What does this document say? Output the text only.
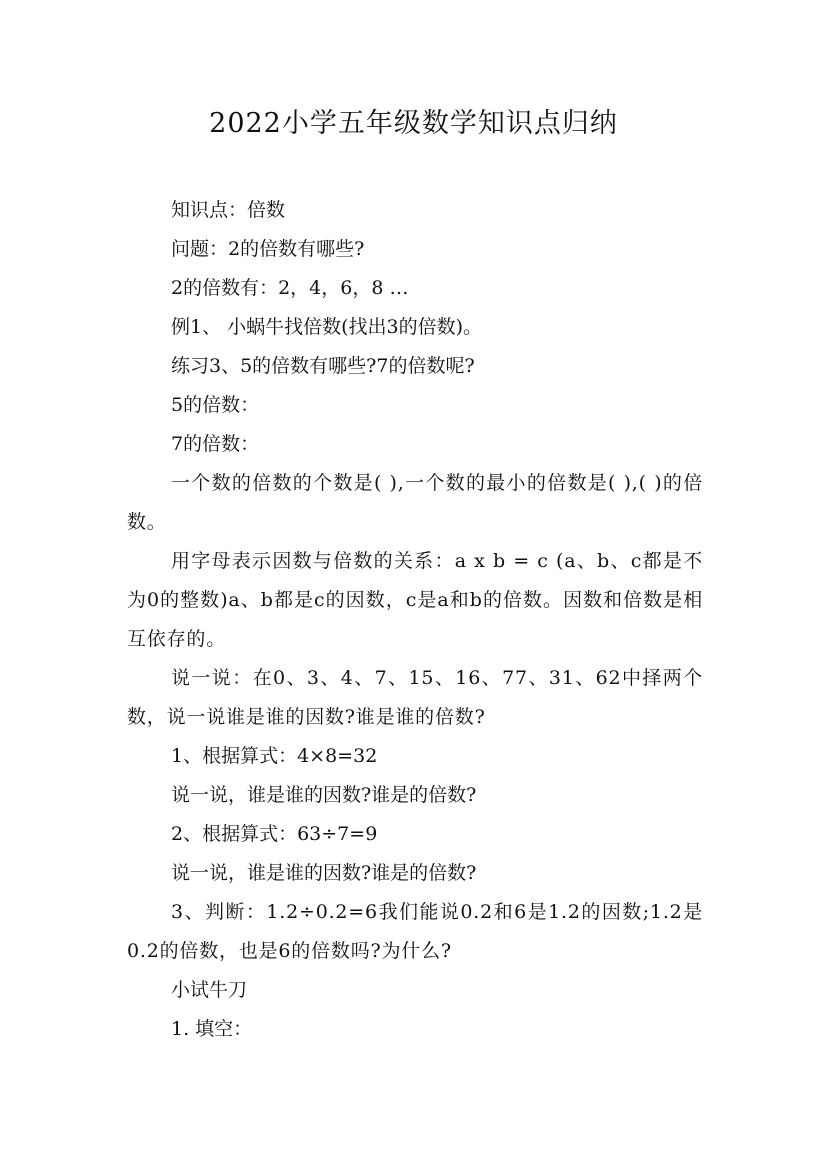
2022小学五年级数学知识点归纳

知识点：倍数

问题：2的倍数有哪些?

2的倍数有：2，4，6，8 …

例1、 小蜗牛找倍数(找出3的倍数)。

练习3、5的倍数有哪些?7的倍数呢?

5的倍数：

7的倍数：

一个数的倍数的个数是( ),一个数的最小的倍数是( ),( )的倍数。

用字母表示因数与倍数的关系：a x b = c (a、b、c都是不为0的整数)a、b都是c的因数，c是a和b的倍数。因数和倍数是相互依存的。

说一说：在0、3、4、7、15、16、77、31、62中择两个数，说一说谁是谁的因数?谁是谁的倍数?

1、根据算式：4×8=32

说一说，谁是谁的因数?谁是的倍数?

2、根据算式：63÷7=9

说一说，谁是谁的因数?谁是的倍数?

3、判断：1.2÷0.2=6我们能说0.2和6是1.2的因数;1.2是0.2的倍数，也是6的倍数吗?为什么?

小试牛刀

1. 填空：
